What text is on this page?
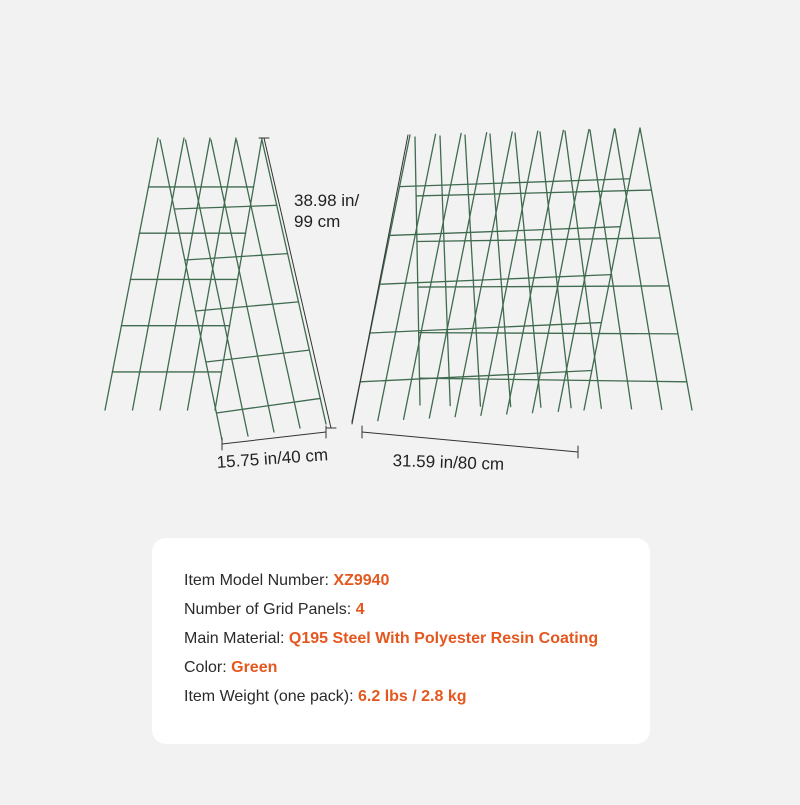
38.98 in/
99 cm
15.75 in/40 cm	31.59 in/80 cm
Item Model Number: XZ9940
Number of Grid Panels: 4
Main Material: Q195 Steel With Polyester Resin Coating
Color: Green
Item Weight (one pack): 6.2 lbs / 2.8 kg
